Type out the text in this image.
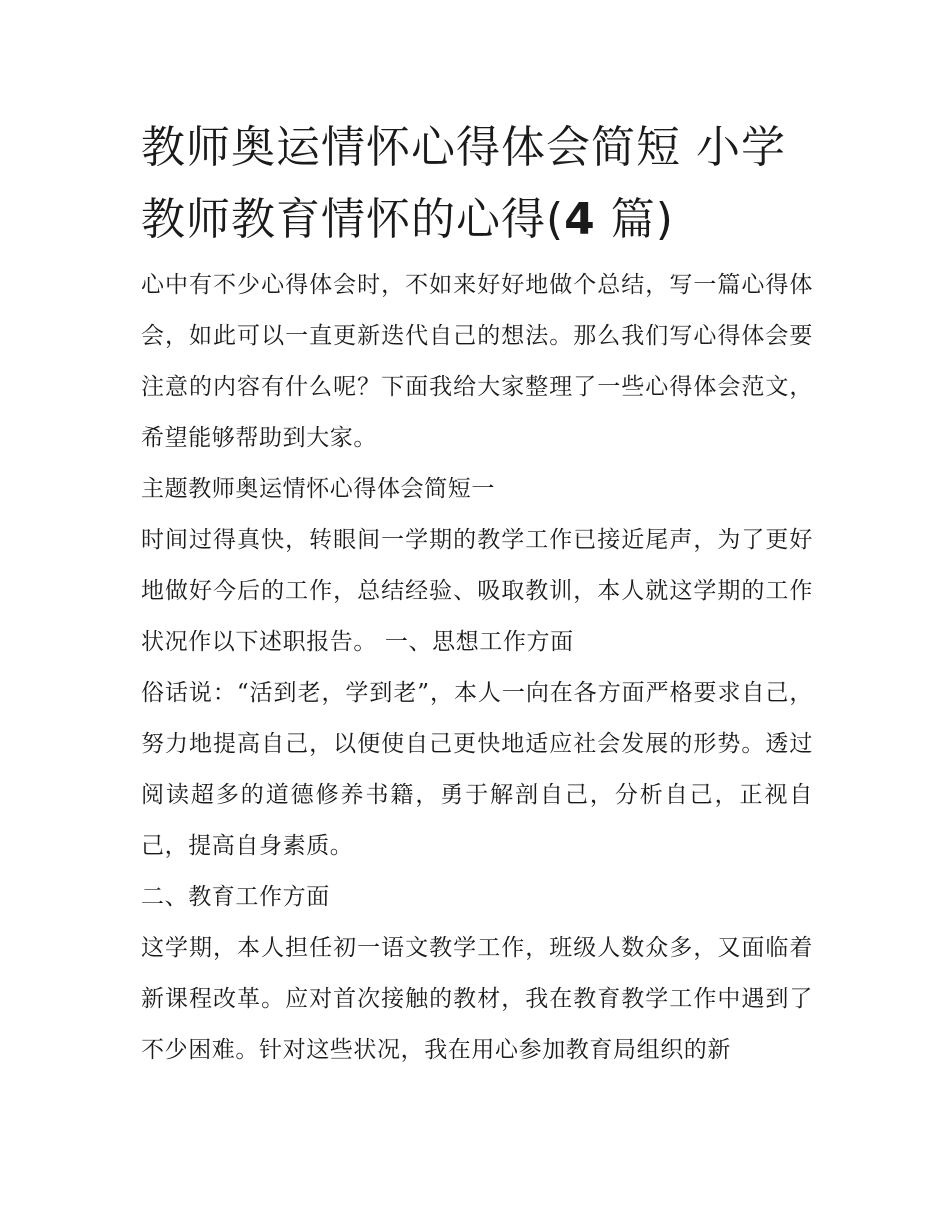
教师奥运情怀心得体会简短 小学教师教育情怀的心得(4 篇)

心中有不少心得体会时，不如来好好地做个总结，写一篇心得体会，如此可以一直更新迭代自己的想法。那么我们写心得体会要注意的内容有什么呢？下面我给大家整理了一些心得体会范文，希望能够帮助到大家。

主题教师奥运情怀心得体会简短一

时间过得真快，转眼间一学期的教学工作已接近尾声，为了更好地做好今后的工作，总结经验、吸取教训，本人就这学期的工作状况作以下述职报告。 一、思想工作方面

俗话说：“活到老，学到老”，本人一向在各方面严格要求自己，努力地提高自己，以便使自己更快地适应社会发展的形势。透过阅读超多的道德修养书籍，勇于解剖自己，分析自己，正视自己，提高自身素质。

二、教育工作方面

这学期，本人担任初一语文教学工作，班级人数众多，又面临着新课程改革。应对首次接触的教材，我在教育教学工作中遇到了不少困难。针对这些状况，我在用心参加教育局组织的新
